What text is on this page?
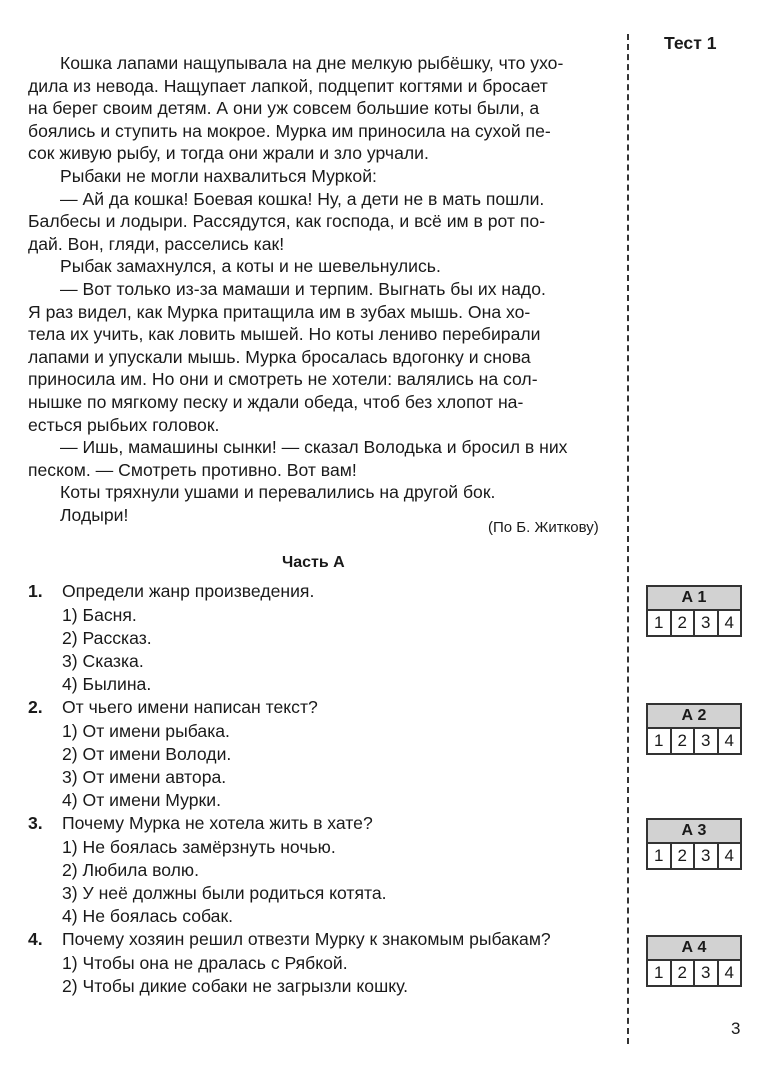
Тест 1
Кошка лапами нащупывала на дне мелкую рыбёшку, что ухо-
дила из невода. Нащупает лапкой, подцепит когтями и бросает
на берег своим детям. А они уж совсем большие коты были, а
боялись и ступить на мокрое. Мурка им приносила на сухой пе-
сок живую рыбу, и тогда они жрали и зло урчали.
Рыбаки не могли нахвалиться Муркой:
— Ай да кошка! Боевая кошка! Ну, а дети не в мать пошли.
Балбесы и лодыри. Рассядутся, как господа, и всё им в рот по-
дай. Вон, гляди, расселись как!
Рыбак замахнулся, а коты и не шевельнулись.
— Вот только из-за мамаши и терпим. Выгнать бы их надо.
Я раз видел, как Мурка притащила им в зубах мышь. Она хо-
тела их учить, как ловить мышей. Но коты лениво перебирали
лапами и упускали мышь. Мурка бросалась вдогонку и снова
приносила им. Но они и смотреть не хотели: валялись на сол-
нышке по мягкому песку и ждали обеда, чтоб без хлопот на-
есться рыбьих головок.
— Ишь, мамашины сынки! — сказал Володька и бросил в них
песком. — Смотреть противно. Вот вам!
Коты тряхнули ушами и перевалились на другой бок.
Лодыри!
(По Б. Житкову)
Часть А
1. Определи жанр произведения.
1) Басня.
2) Рассказ.
3) Сказка.
4) Былина.
2. От чьего имени написан текст?
1) От имени рыбака.
2) От имени Володи.
3) От имени автора.
4) От имени Мурки.
3. Почему Мурка не хотела жить в хате?
1) Не боялась замёрзнуть ночью.
2) Любила волю.
3) У неё должны были родиться котята.
4) Не боялась собак.
4. Почему хозяин решил отвезти Мурку к знакомым рыбакам?
1) Чтобы она не дралась с Рябкой.
2) Чтобы дикие собаки не загрызли кошку.
А 1
1 2 3 4
А 2
1 2 3 4
А 3
1 2 3 4
А 4
1 2 3 4
3
